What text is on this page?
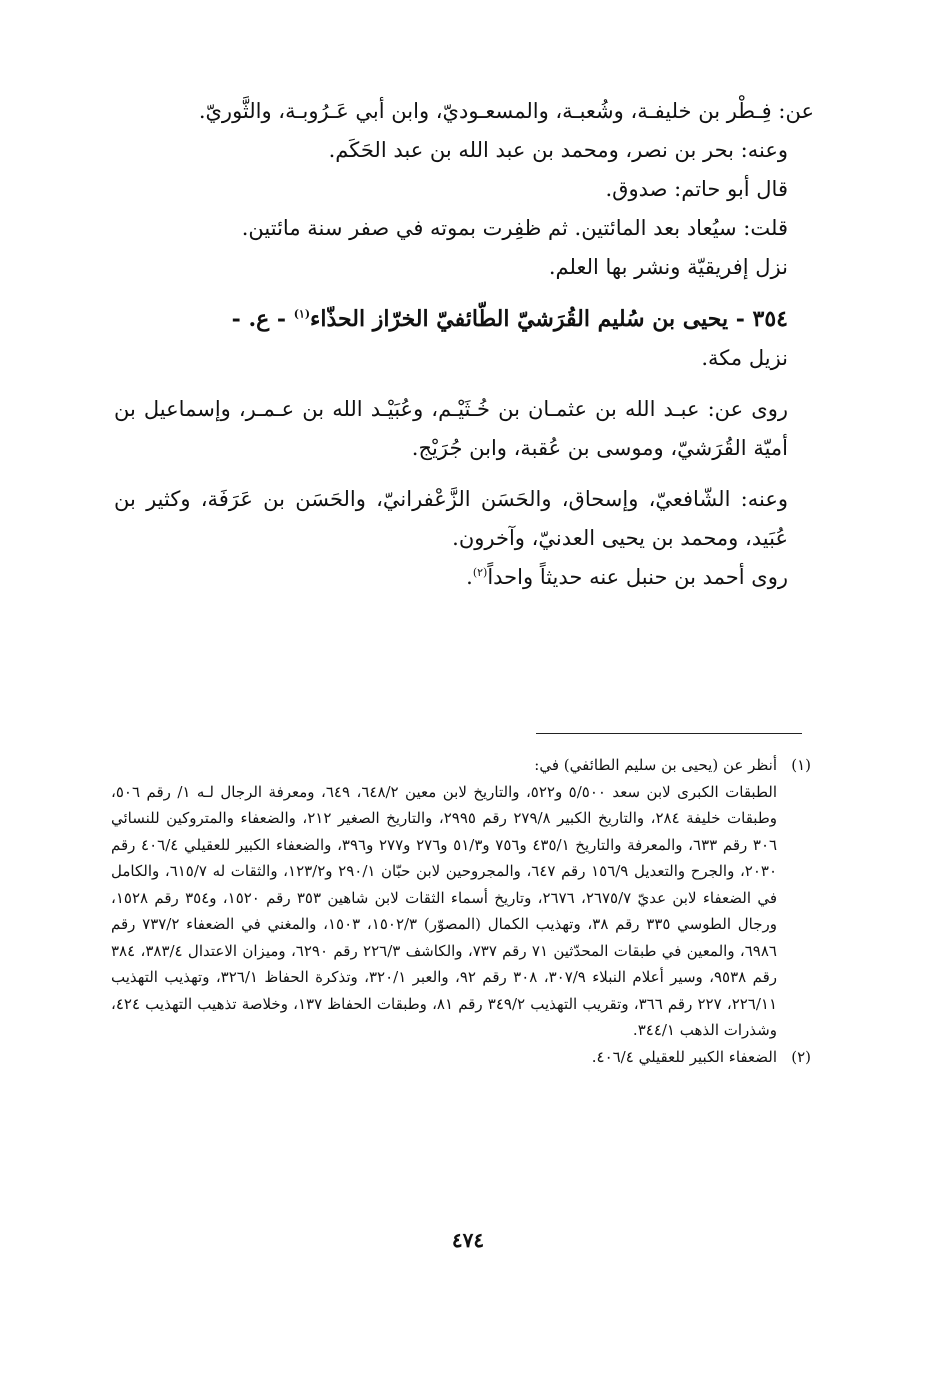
عن: فِـطْر بن خليفـة، وشُعبـة، والمسعـوديّ، وابن أبي عَـرُوبـة، والثَّوريّ.

وعنه: بحر بن نصر، ومحمد بن عبد الله بن عبد الحَكَم.

قال أبو حاتم: صدوق.

قلت: سيُعاد بعد المائتين. ثم ظفِرت بموته في صفر سنة مائتين.

نزل إفريقيّة ونشر بها العلم.

٣٥٤ - يحيى بن سُليم القُرَشيّ الطّائفيّ الخرّاز الحذّاء$^{(١)}$ - ع. -

نزيل مكة.

روى عن: عبـد الله بن عثمـان بن خُـثَيْـم، وعُبَيْـد الله بن عـمـر، وإسماعيل بن أميّة القُرَشيّ، وموسى بن عُقبة، وابن جُرَيْج.

وعنه: الشّافعيّ، وإسحاق، والحَسَن الزَّعْفرانيّ، والحَسَن بن عَرَفَة، وكثير بن عُبَيد، ومحمد بن يحيى العدنيّ، وآخرون.

روى أحمد بن حنبل عنه حديثاً واحداً$^{(٢)}$.

(١)
أنظر عن (يحيى بن سليم الطائفي) في:
الطبقات الكبرى لابن سعد ٥/٥٠٠ و٥٢٢، والتاريخ لابن معين ٦٤٨/٢، ٦٤٩، ومعرفة الرجال لـه ١/ رقم ٥٠٦، وطبقات خليفة ٢٨٤، والتاريخ الكبير ٢٧٩/٨ رقم ٢٩٩٥، والتاريخ الصغير ٢١٢، والضعفاء والمتروكين للنسائي ٣٠٦ رقم ٦٣٣، والمعرفة والتاريخ ٤٣٥/١ و٧٥٦ و٥١/٣ و٢٧٦ و٢٧٧ و٣٩٦، والضعفاء الكبير للعقيلي ٤٠٦/٤ رقم ٢٠٣٠، والجرح والتعديل ١٥٦/٩ رقم ٦٤٧، والمجروحين لابن حبّان ٢٩٠/١ و١٢٣/٢، والثقات له ٦١٥/٧، والكامل في الضعفاء لابن عديّ ٢٦٧٥/٧، ٢٦٧٦، وتاريخ أسماء الثقات لابن شاهين ٣٥٣ رقم ١٥٢٠، و٣٥٤ رقم ١٥٢٨، ورجال الطوسي ٣٣٥ رقم ٣٨، وتهذيب الكمال (المصوّر) ١٥٠٢/٣، ١٥٠٣، والمغني في الضعفاء ٧٣٧/٢ رقم ٦٩٨٦، والمعين في طبقات المحدّثين ٧١ رقم ٧٣٧، والكاشف ٢٢٦/٣ رقم ٦٢٩٠، وميزان الاعتدال ٣٨٣/٤، ٣٨٤ رقم ٩٥٣٨، وسير أعلام النبلاء ٣٠٧/٩، ٣٠٨ رقم ٩٢، والعبر ٣٢٠/١، وتذكرة الحفاظ ٣٢٦/١، وتهذيب التهذيب ٢٢٦/١١، ٢٢٧ رقم ٣٦٦، وتقريب التهذيب ٣٤٩/٢ رقم ٨١، وطبقات الحفاظ ١٣٧، وخلاصة تذهيب التهذيب ٤٢٤، وشذرات الذهب ٣٤٤/١.
(٢)
الضعفاء الكبير للعقيلي ٤٠٦/٤.
٤٧٤
